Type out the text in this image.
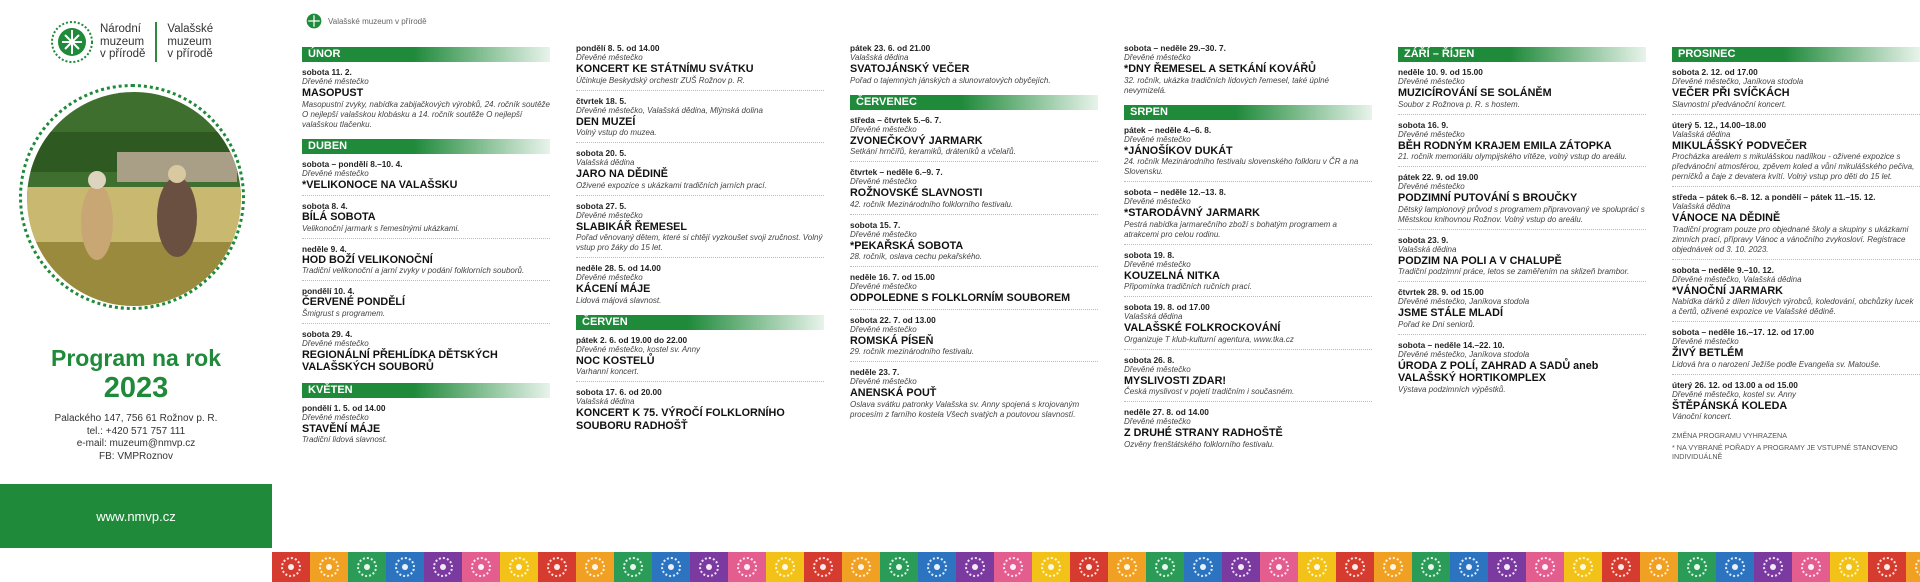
Národní
muzeum
v přírodě
Valašské
muzeum
v přírodě
Program na rok
2023
Palackého 147, 756 61 Rožnov p. R.
tel.: +420 571 757 111
e-mail: muzeum@nmvp.cz
FB: VMPRoznov
www.nmvp.cz
Valašské muzeum v přírodě
ÚNOR
sobota 11. 2.
Dřevěné městečko
MASOPUST
Masopustní zvyky, nabídka zabijačkových výrobků, 24. ročník soutěže O nejlepší valašskou klobásku a 14. ročník soutěže O nejlepší valašskou tlačenku.
DUBEN
sobota – pondělí 8.–10. 4.
Dřevěné městečko
*VELIKONOCE NA VALAŠSKU
sobota 8. 4.
BÍLÁ SOBOTA
Velikonoční jarmark s řemeslnými ukázkami.
neděle 9. 4.
HOD BOŽÍ VELIKONOČNÍ
Tradiční velikonoční a jarní zvyky v podání folklorních souborů.
pondělí 10. 4.
ČERVENÉ PONDĚLÍ
Šmigrust s programem.
sobota 29. 4.
Dřevěné městečko
REGIONÁLNÍ PŘEHLÍDKA DĚTSKÝCH VALAŠSKÝCH SOUBORŮ
KVĚTEN
pondělí 1. 5. od 14.00
Dřevěné městečko
STAVĚNÍ MÁJE
Tradiční lidová slavnost.
pondělí 8. 5. od 14.00
Dřevěné městečko
KONCERT KE STÁTNÍMU SVÁTKU
Účinkuje Beskydský orchestr ZUŠ Rožnov p. R.
čtvrtek 18. 5.
Dřevěné městečko, Valašská dědina, Mlýnská dolina
DEN MUZEÍ
Volný vstup do muzea.
sobota 20. 5.
Valašská dědina
JARO NA DĚDINĚ
Oživené expozice s ukázkami tradičních jarních prací.
sobota 27. 5.
Dřevěné městečko
SLABIKÁŘ ŘEMESEL
Pořad věnovaný dětem, které si chtějí vyzkoušet svoji zručnost. Volný vstup pro žáky do 15 let.
neděle 28. 5. od 14.00
Dřevěné městečko
KÁCENÍ MÁJE
Lidová májová slavnost.
ČERVEN
pátek 2. 6. od 19.00 do 22.00
Dřevěné městečko, kostel sv. Anny
NOC KOSTELŮ
Varhanní koncert.
sobota 17. 6. od 20.00
Valašská dědina
KONCERT K 75. VÝROČÍ FOLKLORNÍHO SOUBORU RADHOŠŤ
pátek 23. 6. od 21.00
Valašská dědina
SVATOJÁNSKÝ VEČER
Pořad o tajemných jánských a slunovratových obyčejích.
ČERVENEC
středa – čtvrtek 5.–6. 7.
Dřevěné městečko
ZVONEČKOVÝ JARMARK
Setkání hrnčířů, keramiků, dráteníků a včelařů.
čtvrtek – neděle 6.–9. 7.
Dřevěné městečko
ROŽNOVSKÉ SLAVNOSTI
42. ročník Mezinárodního folklorního festivalu.
sobota 15. 7.
Dřevěné městečko
*PEKAŘSKÁ SOBOTA
28. ročník, oslava cechu pekařského.
neděle 16. 7. od 15.00
Dřevěné městečko
ODPOLEDNE S FOLKLORNÍM SOUBOREM
sobota 22. 7. od 13.00
Dřevěné městečko
ROMSKÁ PÍSEŇ
29. ročník mezinárodního festivalu.
neděle 23. 7.
Dřevěné městečko
ANENSKÁ POUŤ
Oslava svátku patronky Valašska sv. Anny spojená s krojovaným procesím z farního kostela Všech svatých a poutovou slavností.
sobota – neděle 29.–30. 7.
Dřevěné městečko
*DNY ŘEMESEL A SETKÁNÍ KOVÁŘŮ
32. ročník, ukázka tradičních lidových řemesel, také úplné nevymizelá.
SRPEN
pátek – neděle 4.–6. 8.
Dřevěné městečko
*JÁNOŠÍKOV DUKÁT
24. ročník Mezinárodního festivalu slovenského folkloru v ČR a na Slovensku.
sobota – neděle 12.–13. 8.
Dřevěné městečko
*STARODÁVNÝ JARMARK
Pestrá nabídka jarmarečního zboží s bohatým programem a atrakcemi pro celou rodinu.
sobota 19. 8.
Dřevěné městečko
KOUZELNÁ NITKA
Připomínka tradičních ručních prací.
sobota 19. 8. od 17.00
Valašská dědina
VALAŠSKÉ FOLKROCKOVÁNÍ
Organizuje T klub-kulturní agentura, www.tka.cz
sobota 26. 8.
Dřevěné městečko
MYSLIVOSTI ZDAR!
Česká myslivost v pojetí tradičním i současném.
neděle 27. 8. od 14.00
Dřevěné městečko
Z DRUHÉ STRANY RADHOŠTĚ
Ozvěny frenštátského folklorního festivalu.
ZÁŘÍ – ŘÍJEN
neděle 10. 9. od 15.00
Dřevěné městečko
MUZICÍROVÁNÍ SE SOLÁNĚM
Soubor z Rožnova p. R. s hostem.
sobota 16. 9.
Dřevěné městečko
BĚH RODNÝM KRAJEM EMILA ZÁTOPKA
21. ročník memoriálu olympijského vítěze, volný vstup do areálu.
pátek 22. 9. od 19.00
Dřevěné městečko
PODZIMNÍ PUTOVÁNÍ S BROUČKY
Dětský lampionový průvod s programem připravovaný ve spolupráci s Městskou knihovnou Rožnov. Volný vstup do areálu.
sobota 23. 9.
Valašská dědina
PODZIM NA POLI A V CHALUPĚ
Tradiční podzimní práce, letos se zaměřením na sklizeň brambor.
čtvrtek 28. 9. od 15.00
Dřevěné městečko, Janíkova stodola
JSME STÁLE MLADÍ
Pořad ke Dni seniorů.
sobota – neděle 14.–22. 10.
Dřevěné městečko, Janíkova stodola
ÚRODA Z POLÍ, ZAHRAD A SADŮ aneb VALAŠSKÝ HORTIKOMPLEX
Výstava podzimních výpěstků.
PROSINEC
sobota 2. 12. od 17.00
Dřevěné městečko, Janíkova stodola
VEČER PŘI SVÍČKÁCH
Slavnostní předvánoční koncert.
úterý 5. 12., 14.00–18.00
Valašská dědina
MIKULÁŠSKÝ PODVEČER
Procházka areálem s mikulášskou nadílkou - oživené expozice s předvánoční atmosférou, zpěvem koled a vůní mikulášského pečiva, perníčků a čaje z devatera kvítí. Volný vstup pro děti do 15 let.
středa – pátek 6.–8. 12. a pondělí – pátek 11.–15. 12.
Valašská dědina
VÁNOCE NA DĚDINĚ
Tradiční program pouze pro objednané školy a skupiny s ukázkami zimních prací, přípravy Vánoc a vánočního zvykosloví. Registrace objednávek od 3. 10. 2023.
sobota – neděle 9.–10. 12.
Dřevěné městečko, Valašská dědina
*VÁNOČNÍ JARMARK
Nabídka dárků z dílen lidových výrobců, koledování, obchůzky lucek a čertů, oživené expozice ve Valašské dědině.
sobota – neděle 16.–17. 12. od 17.00
Dřevěné městečko
ŽIVÝ BETLÉM
Lidová hra o narození Ježíše podle Evangelia sv. Matouše.
úterý 26. 12. od 13.00 a od 15.00
Dřevěné městečko, kostel sv. Anny
ŠTĚPÁNSKÁ KOLEDA
Vánoční koncert.
ZMĚNA PROGRAMU VYHRAZENA
* NA VYBRANÉ POŘADY A PROGRAMY JE VSTUPNÉ STANOVENO INDIVIDUÁLNĚ
